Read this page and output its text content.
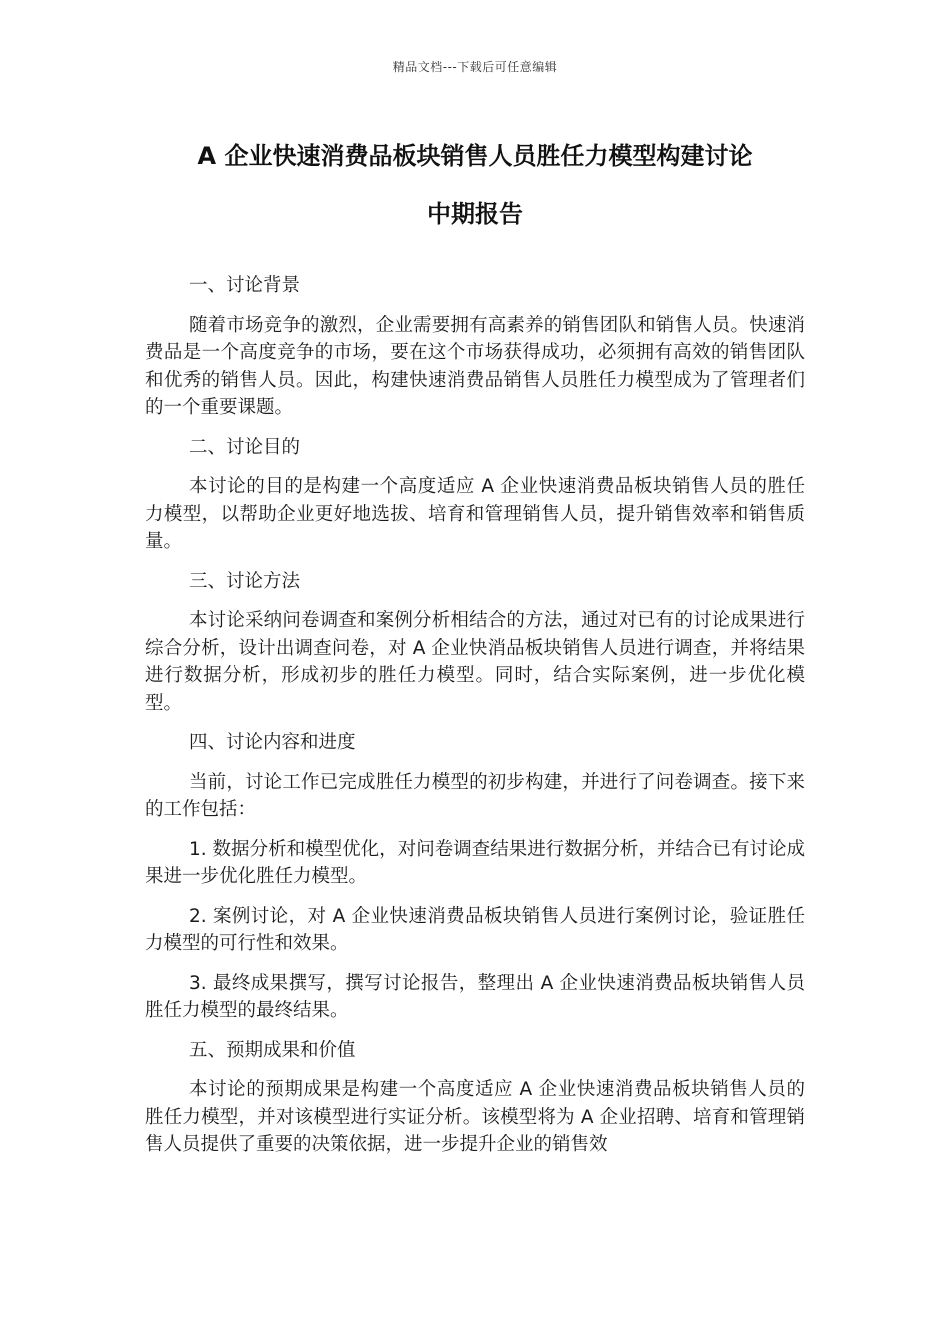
精品文档---下载后可任意编辑
A 企业快速消费品板块销售人员胜任力模型构建讨论
中期报告

一、讨论背景

随着市场竞争的激烈，企业需要拥有高素养的销售团队和销售人员。快速消费品是一个高度竞争的市场，要在这个市场获得成功，必须拥有高效的销售团队和优秀的销售人员。因此，构建快速消费品销售人员胜任力模型成为了管理者们的一个重要课题。

二、讨论目的

本讨论的目的是构建一个高度适应 A 企业快速消费品板块销售人员的胜任力模型，以帮助企业更好地选拔、培育和管理销售人员，提升销售效率和销售质量。

三、讨论方法

本讨论采纳问卷调查和案例分析相结合的方法，通过对已有的讨论成果进行综合分析，设计出调查问卷，对 A 企业快消品板块销售人员进行调查，并将结果进行数据分析，形成初步的胜任力模型。同时，结合实际案例，进一步优化模型。

四、讨论内容和进度

当前，讨论工作已完成胜任力模型的初步构建，并进行了问卷调查。接下来的工作包括：

1. 数据分析和模型优化，对问卷调查结果进行数据分析，并结合已有讨论成果进一步优化胜任力模型。

2. 案例讨论，对 A 企业快速消费品板块销售人员进行案例讨论，验证胜任力模型的可行性和效果。

3. 最终成果撰写，撰写讨论报告，整理出 A 企业快速消费品板块销售人员胜任力模型的最终结果。

五、预期成果和价值

本讨论的预期成果是构建一个高度适应 A 企业快速消费品板块销售人员的胜任力模型，并对该模型进行实证分析。该模型将为 A 企业招聘、培育和管理销售人员提供了重要的决策依据，进一步提升企业的销售效
